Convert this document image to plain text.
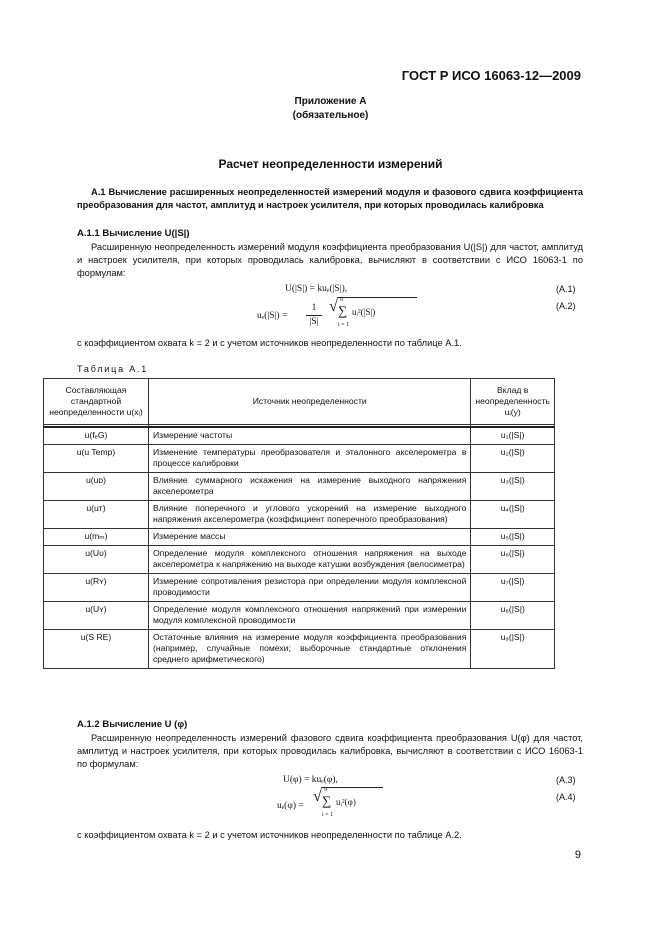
ГОСТ Р ИСО 16063-12—2009
Приложение А
(обязательное)
Расчет неопределенности измерений
А.1 Вычисление расширенных неопределенностей измерений модуля и фазового сдвига коэффициента преобразования для частот, амплитуд и настроек усилителя, при которых проводилась калибровка
А.1.1 Вычисление U(|S|)
Расширенную неопределенность измерений модуля коэффициента преобразования U(|S|) для частот, амплитуд и настроек усилителя, при которых проводилась калибровка, вычисляют в соответствии с ИСО 16063-1 по формулам:
U(|S|) = kuₑ(|S|),	(A.1)
uₑ(|S|) =
1
|S|
√ 9
∑
i = 1
uᵢ²(|S|)
(A.2)
с коэффициентом охвата k = 2 и с учетом источников неопределенности по таблице А.1.
Таблица А.1
Составляющая стандартной неопределенности u(xᵢ)	Источник неопределенности	Вклад в неопределенность uᵢ(y)

u(fₑG)	Измерение частоты	u₁(|S|)
u(u Temp)	Изменение температуры преобразователя и эталонного акселерометра в процессе калибровки	u₂(|S|)
u(uᴅ)	Влияние суммарного искажения на измерение выходного напряжения акселерометра	u₃(|S|)
u(uᴛ)	Влияние поперечного и углового ускорений на измерение выходного напряжения акселерометра (коэффициент поперечного преобразования)	u₄(|S|)
u(mₘ)	Измерение массы	u₅(|S|)
u(Uᴜ)	Определение модуля комплексного отношения напряжения на выходе акселерометра к напряжению на выходе катушки возбуждения (велосиметра)	u₆(|S|)
u(Rʏ)	Измерение сопротивления резистора при определении модуля комплексной проводимости	u₇(|S|)
u(Uʏ)	Определение модуля комплексного отношения напряжений при измерении модуля комплексной проводимости	u₈(|S|)
u(S RE)	Остаточные влияния на измерение модуля коэффициента преобразования (например, случайные помехи; выборочные стандартные отклонения среднего арифметического)	u₉(|S|)
А.1.2 Вычисление U (φ)
Расширенную неопределенность измерений фазового сдвига коэффициента преобразования U(φ) для частот, амплитуд и настроек усилителя, при которых проводилась калибровка, вычисляют в соответствии с ИСО 16063-1 по формулам:
U(φ) = kuₑ(φ),	(A.3)
uₑ(φ) =
√ 9
∑
i = 1
uᵢ²(φ)	(A.4)
с коэффициентом охвата k = 2 и с учетом источников неопределенности по таблице А.2.
9
